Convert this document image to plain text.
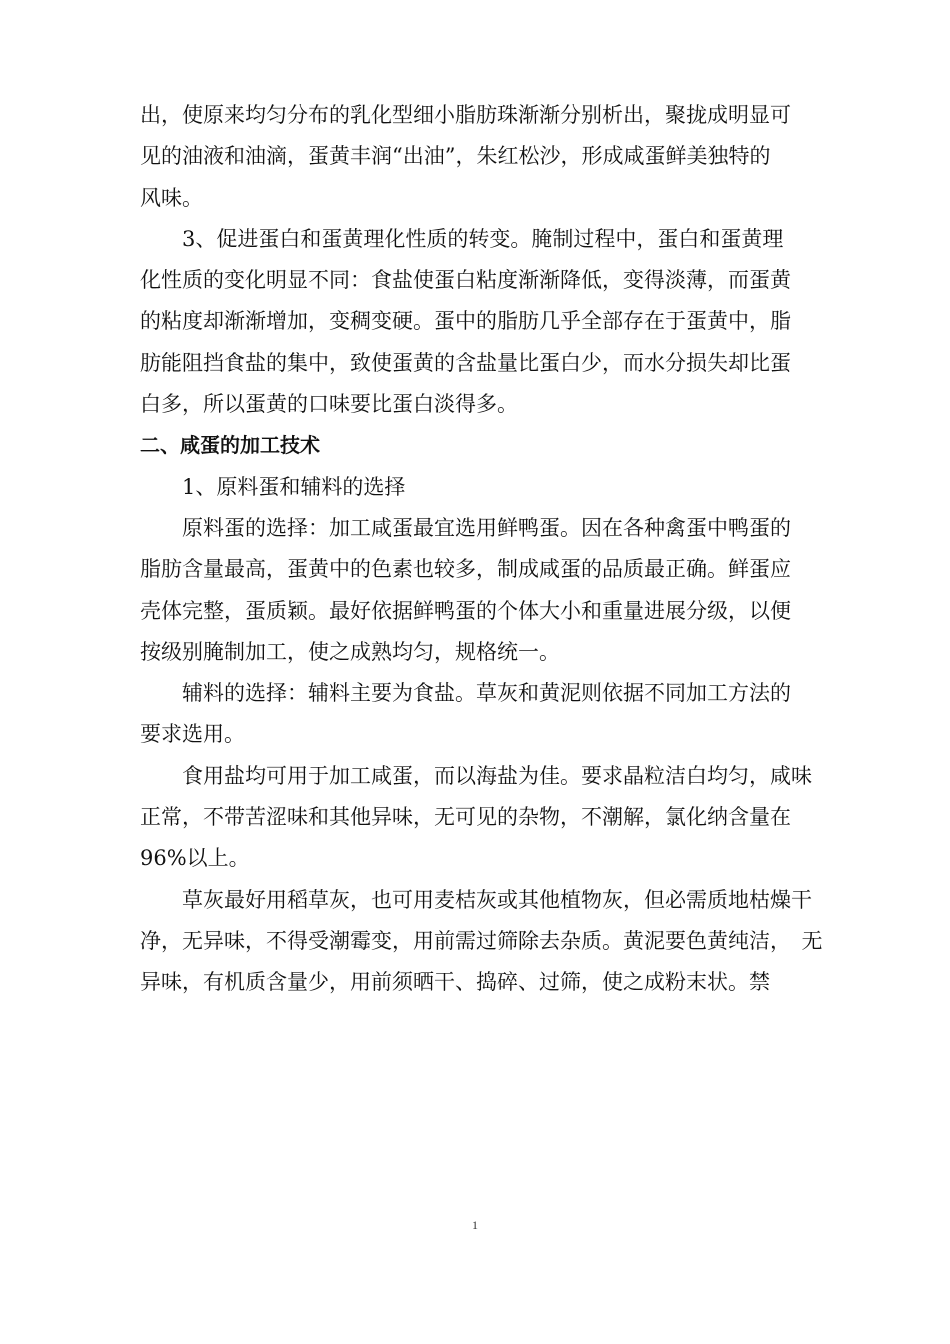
出，使原来均匀分布的乳化型细小脂肪珠渐渐分别析出，聚拢成明显可
见的油液和油滴，蛋黄丰润“出油”，朱红松沙，形成咸蛋鲜美独特的
风味。
3、促进蛋白和蛋黄理化性质的转变。腌制过程中，蛋白和蛋黄理
化性质的变化明显不同：食盐使蛋白粘度渐渐降低，变得淡薄，而蛋黄
的粘度却渐渐增加，变稠变硬。蛋中的脂肪几乎全部存在于蛋黄中，脂
肪能阻挡食盐的集中，致使蛋黄的含盐量比蛋白少，而水分损失却比蛋
白多，所以蛋黄的口味要比蛋白淡得多。
二、咸蛋的加工技术
1、原料蛋和辅料的选择
原料蛋的选择：加工咸蛋最宜选用鲜鸭蛋。因在各种禽蛋中鸭蛋的
脂肪含量最高，蛋黄中的色素也较多，制成咸蛋的品质最正确。鲜蛋应
壳体完整，蛋质颖。最好依据鲜鸭蛋的个体大小和重量进展分级，以便
按级别腌制加工，使之成熟均匀，规格统一。
辅料的选择：辅料主要为食盐。草灰和黄泥则依据不同加工方法的
要求选用。
食用盐均可用于加工咸蛋，而以海盐为佳。要求晶粒洁白均匀，咸味
正常，不带苦涩味和其他异味，无可见的杂物，不潮解，氯化纳含量在
96%以上。
草灰最好用稻草灰，也可用麦桔灰或其他植物灰，但必需质地枯燥干
净，无异味，不得受潮霉变，用前需过筛除去杂质。黄泥要色黄纯洁，　无
异味，有机质含量少，用前须晒干、捣碎、过筛，使之成粉末状。禁
1
